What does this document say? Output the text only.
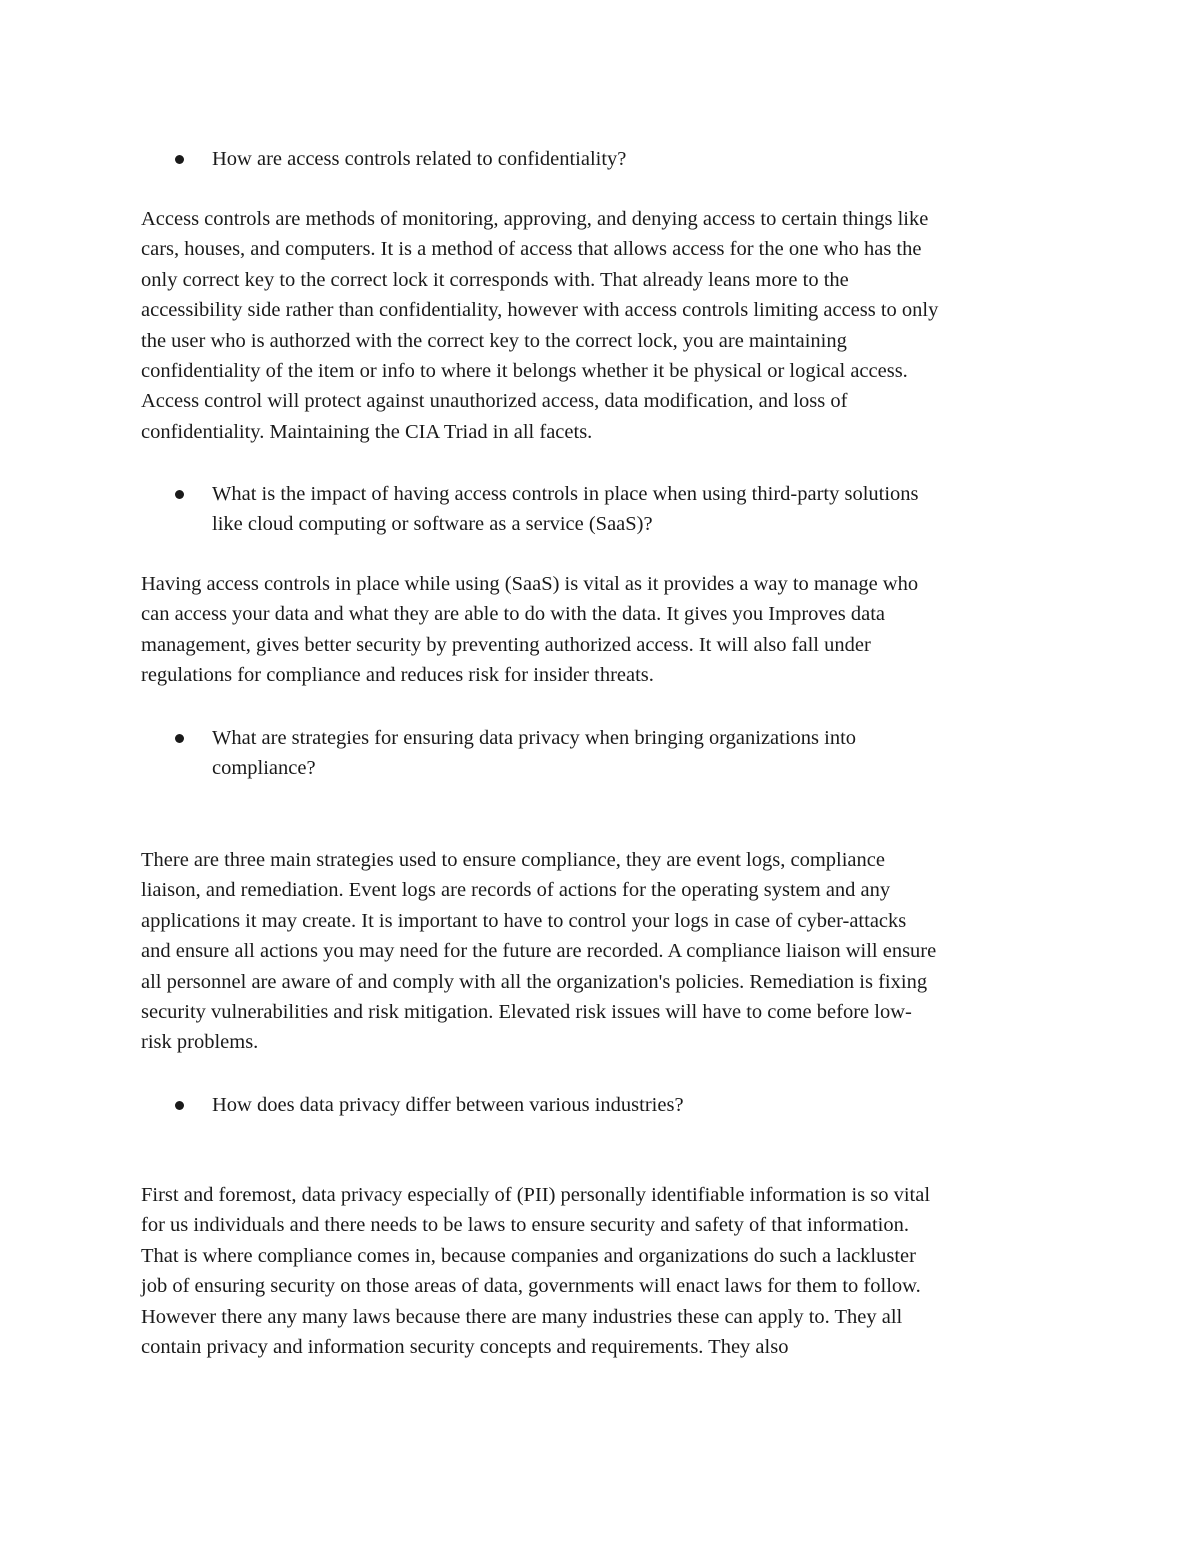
How are access controls related to confidentiality?
Access controls are methods of monitoring, approving, and denying access to certain things like
cars, houses, and computers. It is a method of access that allows access for the one who has the
only correct key to the correct lock it corresponds with. That already leans more to the
accessibility side rather than confidentiality, however with access controls limiting access to only
the user who is authorzed with the correct key to the correct lock, you are maintaining
confidentiality of the item or info to where it belongs whether it be physical or logical access.
Access control will protect against unauthorized access, data modification, and loss of
confidentiality. Maintaining the CIA Triad in all facets.
What is the impact of having access controls in place when using third-party solutions
like cloud computing or software as a service (SaaS)?
Having access controls in place while using (SaaS) is vital as it provides a way to manage who
can access your data and what they are able to do with the data. It gives you Improves data
management, gives better security by preventing authorized access. It will also fall under
regulations for compliance and reduces risk for insider threats.
What are strategies for ensuring data privacy when bringing organizations into
compliance?
There are three main strategies used to ensure compliance, they are event logs, compliance
liaison, and remediation. Event logs are records of actions for the operating system and any
applications it may create. It is important to have to control your logs in case of cyber-attacks
and ensure all actions you may need for the future are recorded. A compliance liaison will ensure
all personnel are aware of and comply with all the organization's policies. Remediation is fixing
security vulnerabilities and risk mitigation. Elevated risk issues will have to come before low-
risk problems.
How does data privacy differ between various industries?
First and foremost, data privacy especially of (PII) personally identifiable information is so vital
for us individuals and there needs to be laws to ensure security and safety of that information.
That is where compliance comes in, because companies and organizations do such a lackluster
job of ensuring security on those areas of data, governments will enact laws for them to follow.
However there any many laws because there are many industries these can apply to. They all
contain privacy and information security concepts and requirements. They also
